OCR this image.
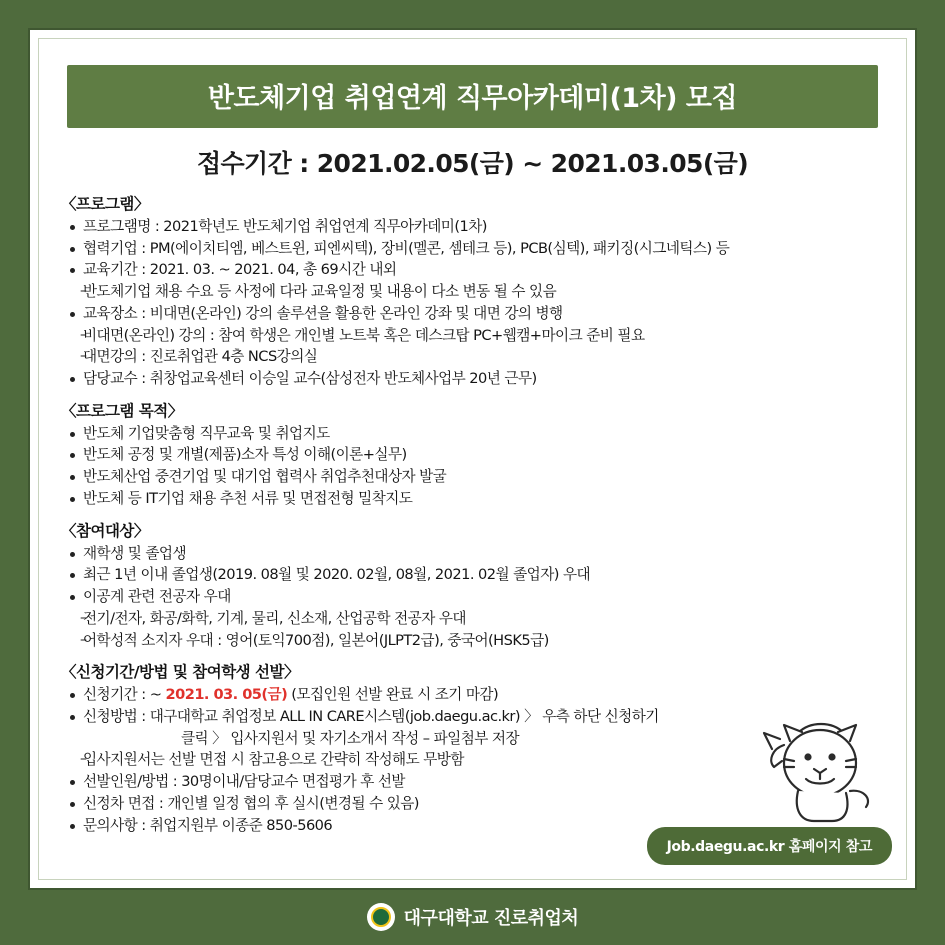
반도체기업 취업연계 직무아카데미(1차) 모집
접수기간 : 2021.02.05(금) ~ 2021.03.05(금)
〈프로그램〉
프로그램명 : 2021학년도 반도체기업 취업연계 직무아카데미(1차)
협력기업 : PM(에이치티엠, 베스트윈, 피엔씨텍), 장비(멜콘, 셈테크 등), PCB(심텍), 패키징(시그네틱스) 등
교육기간 : 2021. 03. ~ 2021. 04, 총 69시간 내외
– 반도체기업 채용 수요 등 사정에 다라 교육일정 및 내용이 다소 변동 될 수 있음
교육장소 : 비대면(온라인) 강의 솔루션을 활용한 온라인 강좌 및 대면 강의 병행
– 비대면(온라인) 강의 : 참여 학생은 개인별 노트북 혹은 데스크탑 PC+웹캠+마이크 준비 필요
– 대면강의 : 진로취업관 4층 NCS강의실
담당교수 : 취창업교육센터 이승일 교수(삼성전자 반도체사업부 20년 근무)
〈프로그램 목적〉
반도체 기업맞춤형 직무교육 및 취업지도
반도체 공정 및 개별(제품)소자 특성 이해(이론+실무)
반도체산업 중견기업 및 대기업 협력사 취업추천대상자 발굴
반도체 등 IT기업 채용 추천 서류 및 면접전형 밀착지도
〈참여대상〉
재학생 및 졸업생
최근 1년 이내 졸업생(2019. 08월 및 2020. 02월, 08월, 2021. 02월 졸업자) 우대
이공계 관련 전공자 우대
– 전기/전자, 화공/화학, 기계, 물리, 신소재, 산업공학 전공자 우대
– 어학성적 소지자 우대 : 영어(토익700점), 일본어(JLPT2급), 중국어(HSK5급)
〈신청기간/방법 및 참여학생 선발〉
신청기간 : ~ 2021. 03. 05(금) (모집인원 선발 완료 시 조기 마감)
신청방법 : 대구대학교 취업정보 ALL IN CARE시스템(job.daegu.ac.kr) 〉 우측 하단 신청하기
클릭 〉 입사지원서 및 자기소개서 작성 – 파일첨부 저장
– 입사지원서는 선발 면접 시 참고용으로 간략히 작성해도 무방함
선발인원/방법 : 30명이내/담당교수 면접평가 후 선발
신정차 면접 : 개인별 일정 협의 후 실시(변경될 수 있음)
문의사항 : 취업지원부 이종준 850-5606
Job.daegu.ac.kr 홈페이지 참고
대구대학교 진로취업처
